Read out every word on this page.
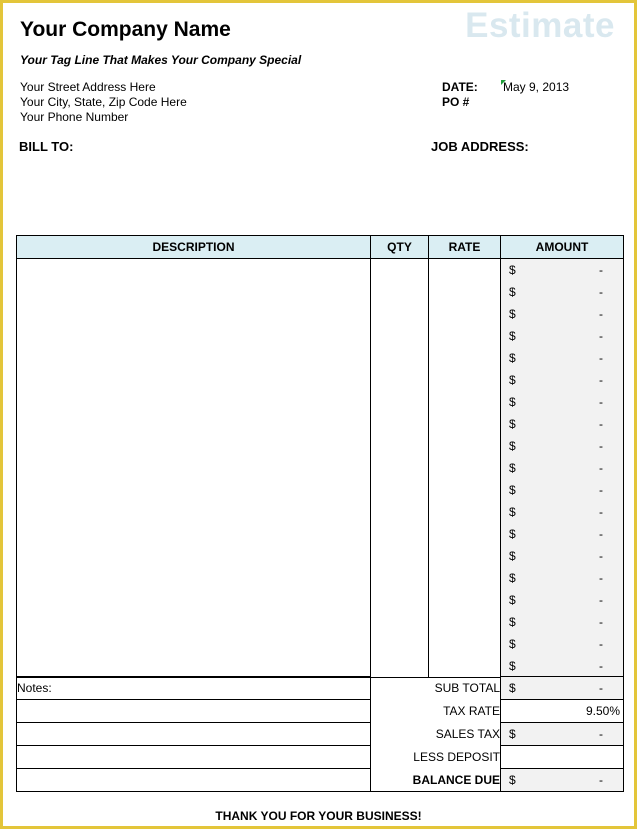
Your Company Name
Your Tag Line That Makes Your Company Special
Estimate
Your Street Address Here
Your City, State, Zip Code Here
Your Phone Number
DATE: May 9, 2013
PO #
BILL TO:	JOB ADDRESS:
DESCRIPTION	QTY	RATE	AMOUNT

			$ -

			$ -

			$ -

			$ -

			$ -

			$ -

			$ -

			$ -

			$ -

			$ -

			$ -

			$ -

			$ -

			$ -

			$ -

			$ -

			$ -

			$ -

			$ -
Notes:	SUB TOTAL	$ -

	TAX RATE	9.50%

	SALES TAX	$ -

	LESS DEPOSIT	

	BALANCE DUE	$ -
THANK YOU FOR YOUR BUSINESS!
